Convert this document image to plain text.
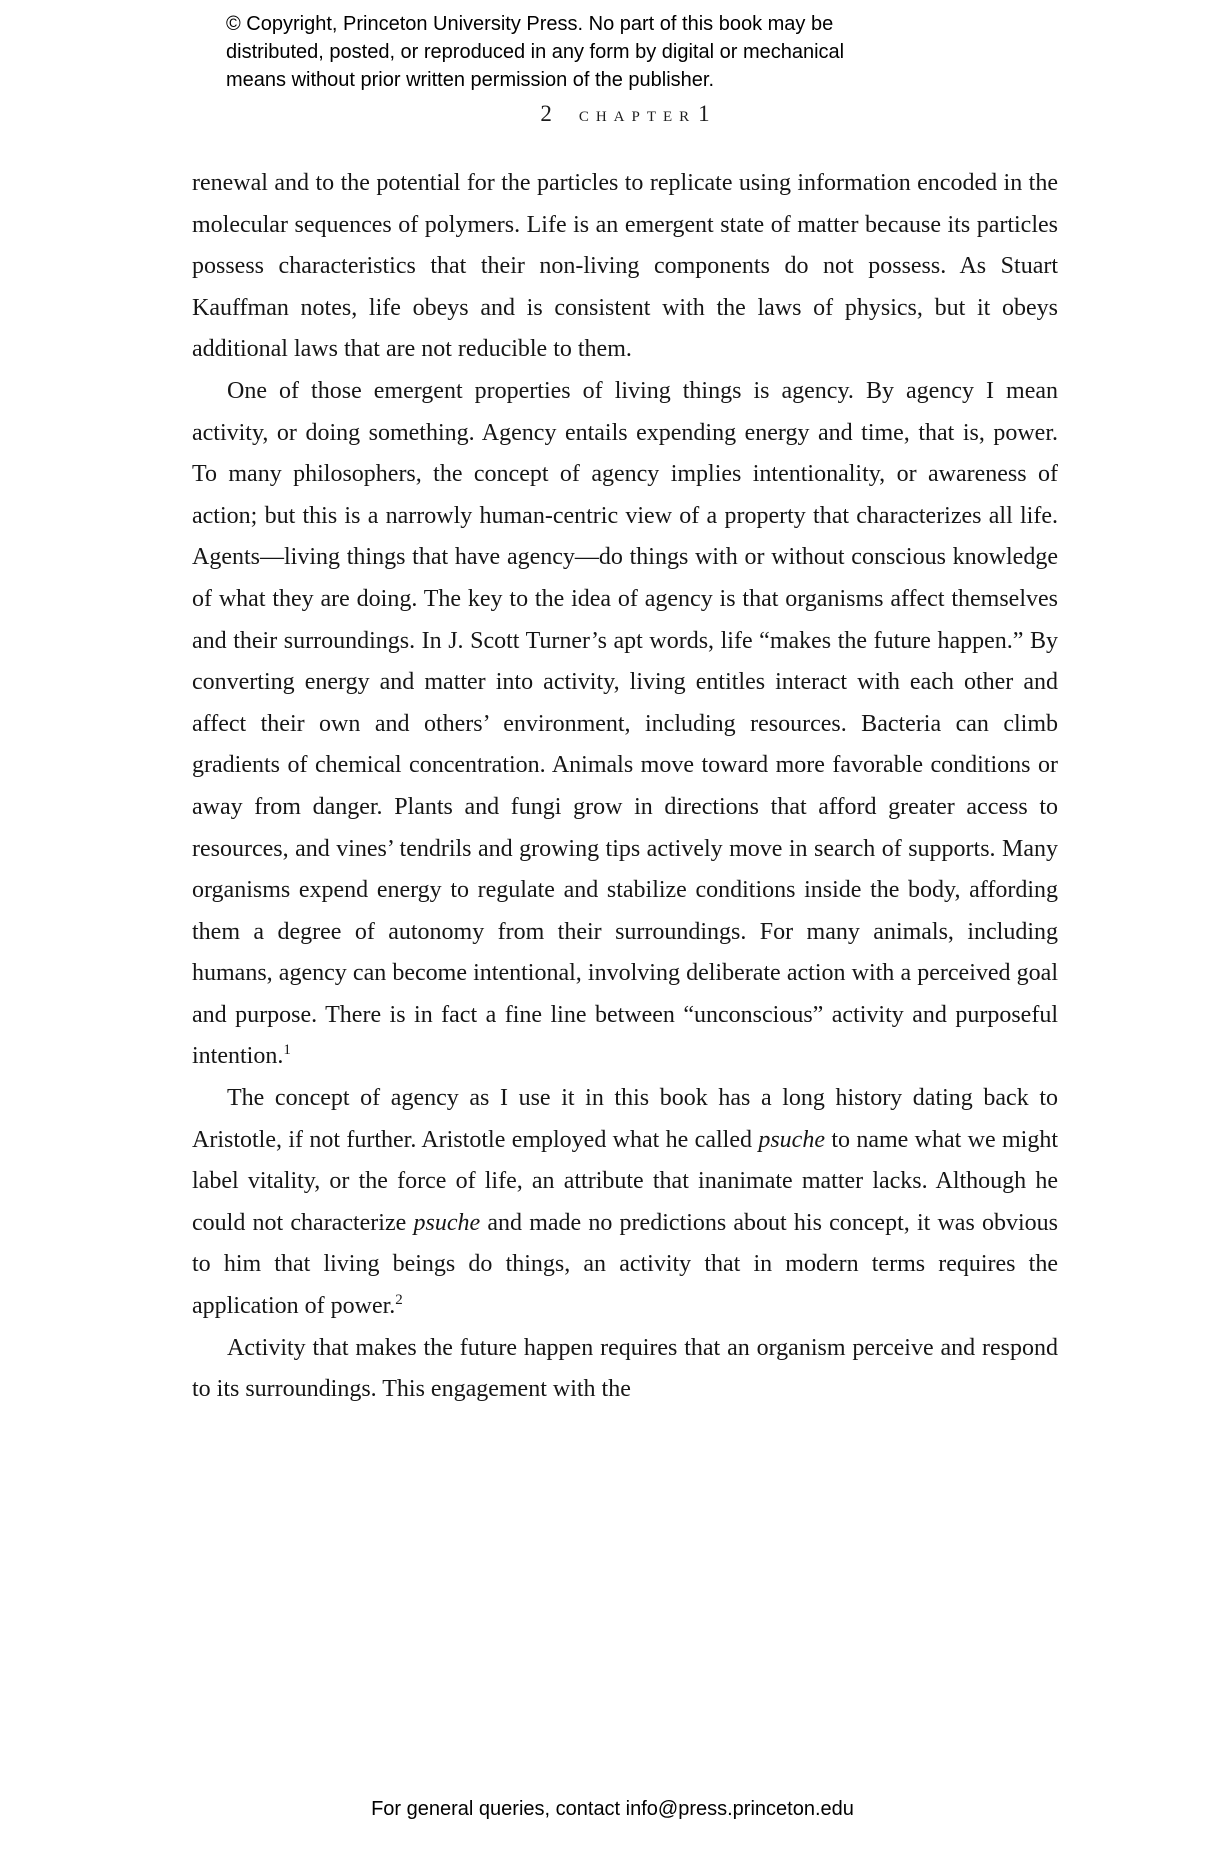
© Copyright, Princeton University Press. No part of this book may be
distributed, posted, or reproduced in any form by digital or mechanical
means without prior written permission of the publisher.
2 chapter1

renewal and to the potential for the particles to replicate using information encoded in the molecular sequences of polymers. Life is an emergent state of matter because its particles possess characteristics that their non-living components do not possess. As Stuart Kauffman notes, life obeys and is consistent with the laws of physics, but it obeys additional laws that are not reducible to them.

One of those emergent properties of living things is agency. By agency I mean activity, or doing something. Agency entails expending energy and time, that is, power. To many philosophers, the concept of agency implies intentionality, or awareness of action; but this is a narrowly human-centric view of a property that characterizes all life. Agents—living things that have agency—do things with or without conscious knowledge of what they are doing. The key to the idea of agency is that organisms affect themselves and their surroundings. In J. Scott Turner’s apt words, life “makes the future happen.” By converting energy and matter into activity, living entitles interact with each other and affect their own and others’ environment, including resources. Bacteria can climb gradients of chemical concentration. Animals move toward more favorable conditions or away from danger. Plants and fungi grow in directions that afford greater access to resources, and vines’ tendrils and growing tips actively move in search of supports. Many organisms expend energy to regulate and stabilize conditions inside the body, affording them a degree of autonomy from their surroundings. For many animals, including humans, agency can become intentional, involving deliberate action with a perceived goal and purpose. There is in fact a fine line between “unconscious” activity and purposeful intention.$^1$

The concept of agency as I use it in this book has a long history dating back to Aristotle, if not further. Aristotle employed what he called psuche to name what we might label vitality, or the force of life, an attribute that inanimate matter lacks. Although he could not characterize psuche and made no predictions about his concept, it was obvious to him that living beings do things, an activity that in modern terms requires the application of power.$^2$

Activity that makes the future happen requires that an organism perceive and respond to its surroundings. This engagement with the

For general queries, contact info@press.princeton.edu
